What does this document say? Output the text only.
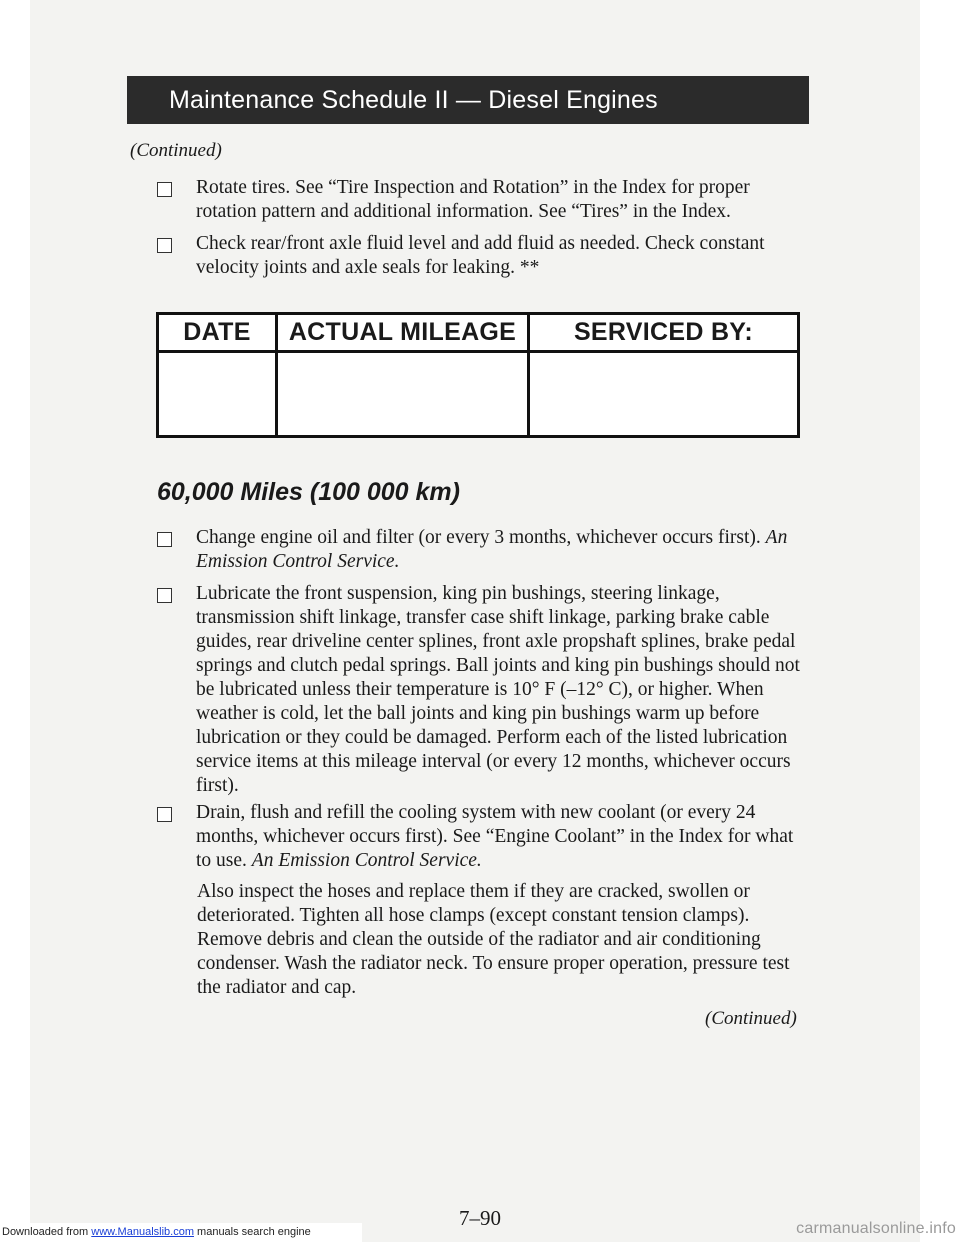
Maintenance Schedule II — Diesel Engines
(Continued)
Rotate tires. See “Tire Inspection and Rotation” in the Index for proper rotation pattern and additional information. See “Tires” in the Index.
Check rear/front axle fluid level and add fluid as needed. Check constant velocity joints and axle seals for leaking. **
DATE	ACTUAL MILEAGE	SERVICED BY:
60,000 Miles (100 000 km)
Change engine oil and filter (or every 3 months, whichever occurs first). An Emission Control Service.
Lubricate the front suspension, king pin bushings, steering linkage, transmission shift linkage, transfer case shift linkage, parking brake cable guides, rear driveline center splines, front axle propshaft splines, brake pedal springs and clutch pedal springs. Ball joints and king pin bushings should not be lubricated unless their temperature is 10° F (–12° C), or higher. When weather is cold, let the ball joints and king pin bushings warm up before lubrication or they could be damaged. Perform each of the listed lubrication service items at this mileage interval (or every 12 months, whichever occurs first).
Drain, flush and refill the cooling system with new coolant (or every 24 months, whichever occurs first). See “Engine Coolant” in the Index for what to use. An Emission Control Service.
Also inspect the hoses and replace them if they are cracked, swollen or deteriorated. Tighten all hose clamps (except constant tension clamps). Remove debris and clean the outside of the radiator and air conditioning condenser. Wash the radiator neck. To ensure proper operation, pressure test the radiator and cap.
(Continued)
7–90
Downloaded from www.Manualslib.com manuals search engine	carmanualsonline.info
